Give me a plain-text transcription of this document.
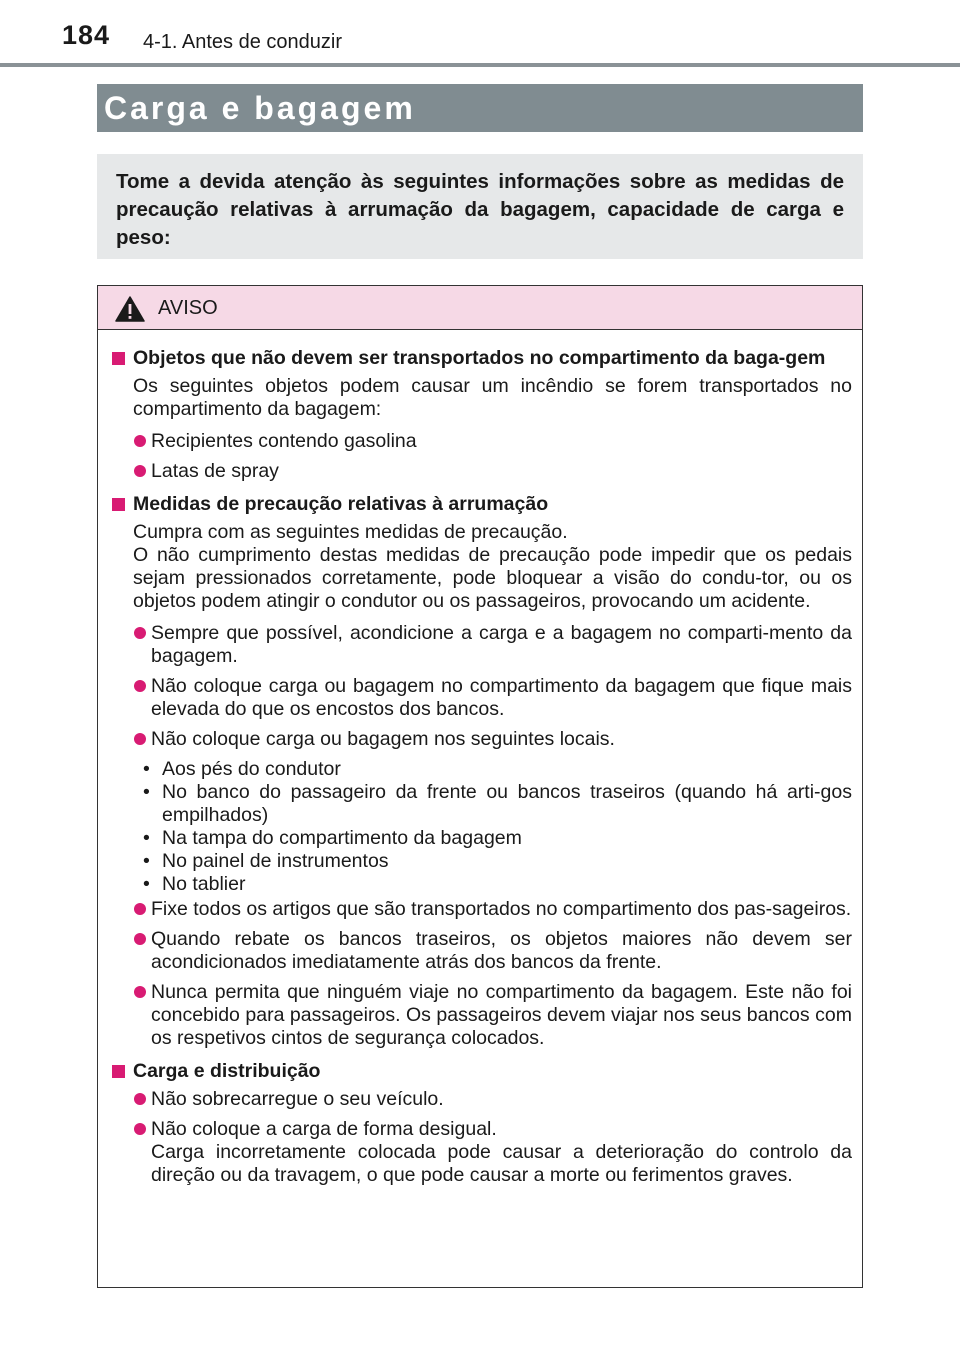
184 4-1. Antes de conduzir
Carga e bagagem

Tome a devida atenção às seguintes informações sobre as medidas de precaução relativas à arrumação da bagagem, capacidade de carga e peso:

AVISO
Objetos que não devem ser transportados no compartimento da baga-gem
Os seguintes objetos podem causar um incêndio se forem transportados no compartimento da bagagem:
Recipientes contendo gasolina
Latas de spray
Medidas de precaução relativas à arrumação
Cumpra com as seguintes medidas de precaução.
O não cumprimento destas medidas de precaução pode impedir que os pedais sejam pressionados corretamente, pode bloquear a visão do condu-tor, ou os objetos podem atingir o condutor ou os passageiros, provocando um acidente.
Sempre que possível, acondicione a carga e a bagagem no comparti-mento da bagagem.
Não coloque carga ou bagagem no compartimento da bagagem que fique mais elevada do que os encostos dos bancos.
Não coloque carga ou bagagem nos seguintes locais.
• Aos pés do condutor
• No banco do passageiro da frente ou bancos traseiros (quando há arti-gos empilhados)
• Na tampa do compartimento da bagagem
• No painel de instrumentos
• No tablier
Fixe todos os artigos que são transportados no compartimento dos pas-sageiros.
Quando rebate os bancos traseiros, os objetos maiores não devem ser acondicionados imediatamente atrás dos bancos da frente.
Nunca permita que ninguém viaje no compartimento da bagagem. Este não foi concebido para passageiros. Os passageiros devem viajar nos seus bancos com os respetivos cintos de segurança colocados.
Carga e distribuição
Não sobrecarregue o seu veículo.
Não coloque a carga de forma desigual.
Carga incorretamente colocada pode causar a deterioração do controlo da direção ou da travagem, o que pode causar a morte ou ferimentos graves.
